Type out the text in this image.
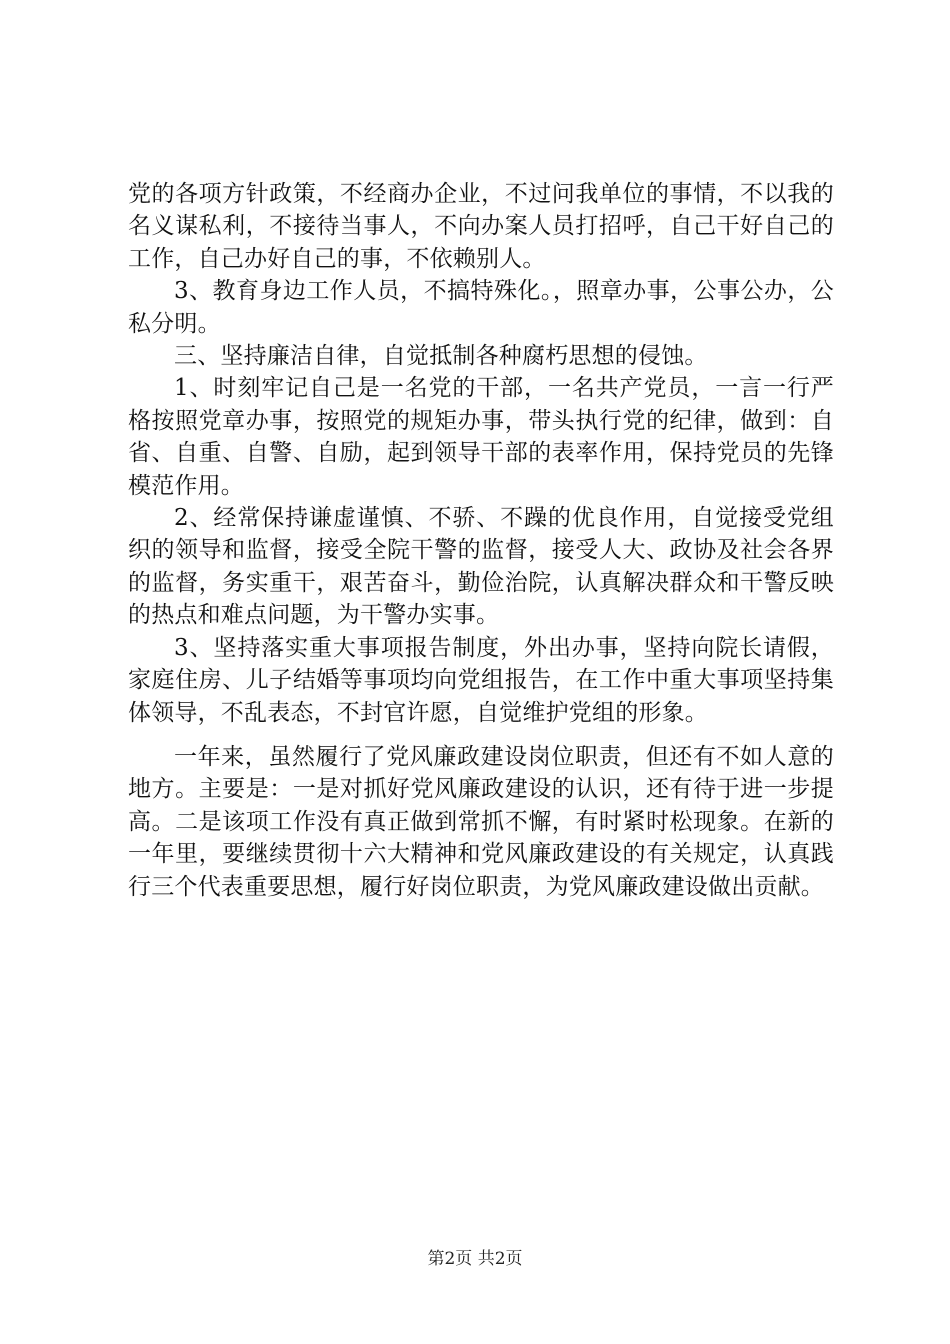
党的各项方针政策，不经商办企业，不过问我单位的事情，不以我的名义谋私利，不接待当事人，不向办案人员打招呼，自己干好自己的工作，自己办好自己的事，不依赖别人。

3、教育身边工作人员，不搞特殊化。，照章办事，公事公办，公私分明。

三、坚持廉洁自律，自觉抵制各种腐朽思想的侵蚀。

1、时刻牢记自己是一名党的干部，一名共产党员，一言一行严格按照党章办事，按照党的规矩办事，带头执行党的纪律，做到：自省、自重、自警、自励，起到领导干部的表率作用，保持党员的先锋模范作用。

2、经常保持谦虚谨慎、不骄、不躁的优良作用，自觉接受党组织的领导和监督，接受全院干警的监督，接受人大、政协及社会各界的监督，务实重干，艰苦奋斗，勤俭治院，认真解决群众和干警反映的热点和难点问题，为干警办实事。

3、坚持落实重大事项报告制度，外出办事，坚持向院长请假，家庭住房、儿子结婚等事项均向党组报告，在工作中重大事项坚持集体领导，不乱表态，不封官许愿，自觉维护党组的形象。

一年来，虽然履行了党风廉政建设岗位职责，但还有不如人意的地方。主要是：一是对抓好党风廉政建设的认识，还有待于进一步提高。二是该项工作没有真正做到常抓不懈，有时紧时松现象。在新的一年里，要继续贯彻十六大精神和党风廉政建设的有关规定，认真践行三个代表重要思想，履行好岗位职责，为党风廉政建设做出贡献。

第2页 共2页
